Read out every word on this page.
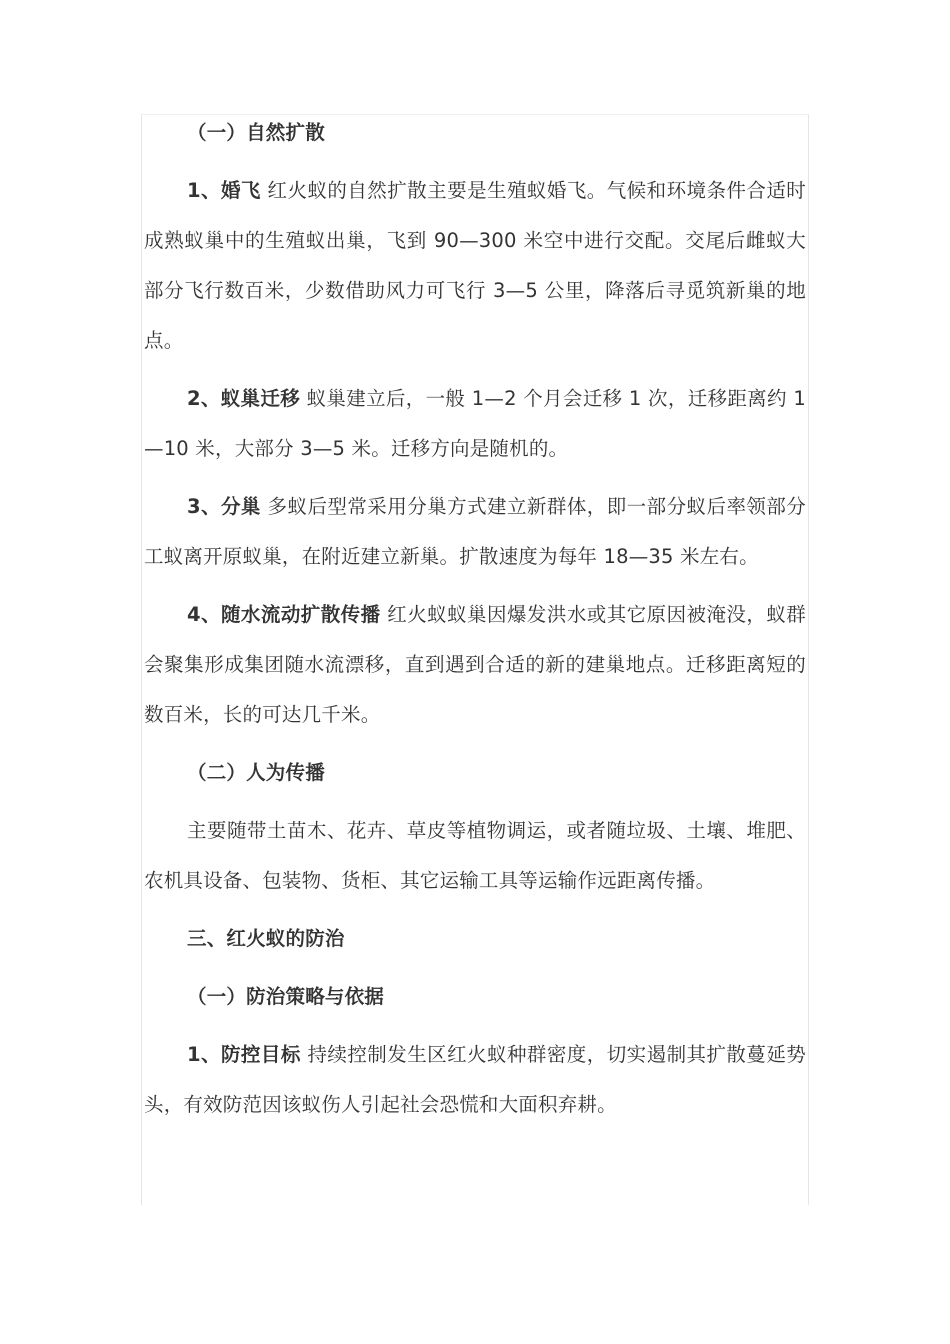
（一）自然扩散

1、婚飞 红火蚁的自然扩散主要是生殖蚁婚飞。气候和环境条件合适时成熟蚁巢中的生殖蚁出巢，飞到 90—300 米空中进行交配。交尾后雌蚁大部分飞行数百米，少数借助风力可飞行 3—5 公里，降落后寻觅筑新巢的地点。

2、蚁巢迁移 蚁巢建立后，一般 1—2 个月会迁移 1 次，迁移距离约 1—10 米，大部分 3—5 米。迁移方向是随机的。

3、分巢 多蚁后型常采用分巢方式建立新群体，即一部分蚁后率领部分工蚁离开原蚁巢，在附近建立新巢。扩散速度为每年 18—35 米左右。

4、随水流动扩散传播 红火蚁蚁巢因爆发洪水或其它原因被淹没，蚁群会聚集形成集团随水流漂移，直到遇到合适的新的建巢地点。迁移距离短的数百米，长的可达几千米。

（二）人为传播

主要随带土苗木、花卉、草皮等植物调运，或者随垃圾、土壤、堆肥、农机具设备、包装物、货柜、其它运输工具等运输作远距离传播。

三、红火蚁的防治

（一）防治策略与依据

1、防控目标 持续控制发生区红火蚁种群密度，切实遏制其扩散蔓延势头，有效防范因该蚁伤人引起社会恐慌和大面积弃耕。
